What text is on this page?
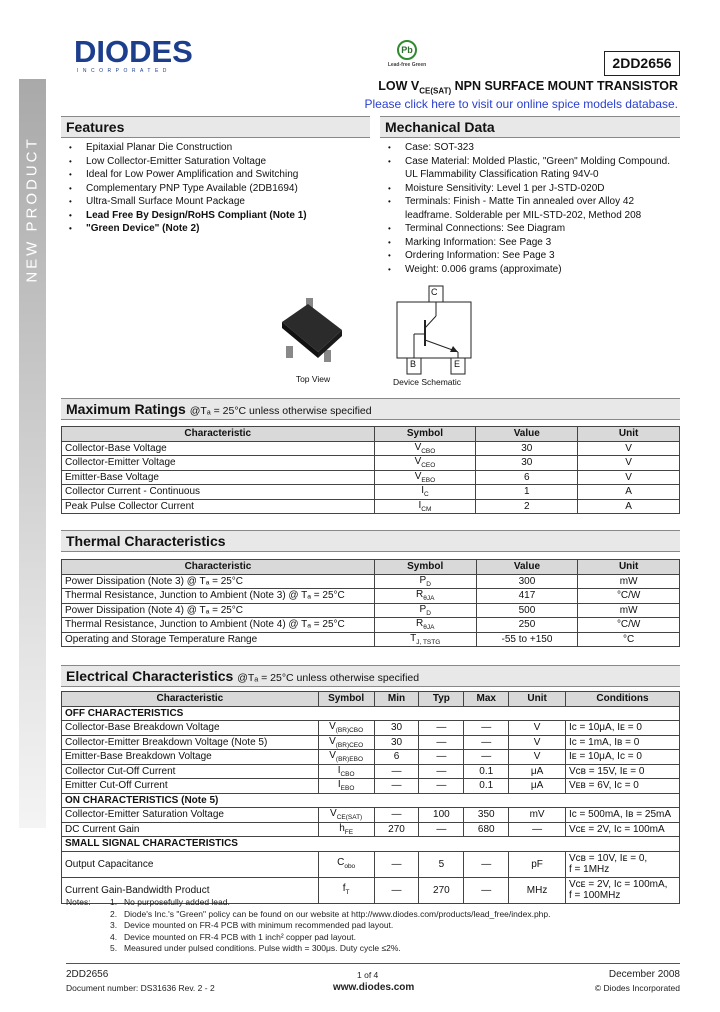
NEW PRODUCT
DIODES
INCORPORATED
Pb
Lead-free Green	2DD2656
LOW $V_{CE(SAT)}$ NPN SURFACE MOUNT TRANSISTOR
Please click here to visit our online spice models database.
Features	Mechanical Data
• Epitaxial Planar Die Construction
• Low Collector-Emitter Saturation Voltage
• Ideal for Low Power Amplification and Switching
• Complementary PNP Type Available (2DB1694)
• Ultra-Small Surface Mount Package
• Lead Free By Design/RoHS Compliant (Note 1)
• "Green Device" (Note 2)
• Case: SOT-323
• Case Material: Molded Plastic, "Green" Molding Compound. UL Flammability Classification Rating 94V-0
• Moisture Sensitivity: Level 1 per J-STD-020D
• Terminals: Finish - Matte Tin annealed over Alloy 42 leadframe. Solderable per MIL-STD-202, Method 208
• Terminal Connections: See Diagram
• Marking Information: See Page 3
• Ordering Information: See Page 3
• Weight: 0.006 grams (approximate)
Top View
C
B	E
Device Schematic
Maximum Ratings @Tₐ = 25°C unless otherwise specified
Characteristic	Symbol	Value	Unit
Collector-Base Voltage	$V_{CBO}$	30	V
Collector-Emitter Voltage	$V_{CEO}$	30	V
Emitter-Base Voltage	$V_{EBO}$	6	V
Collector Current - Continuous	$I_C$	1	A
Peak Pulse Collector Current	$I_{CM}$	2	A
Thermal Characteristics
Characteristic	Symbol	Value	Unit
Power Dissipation (Note 3) @ Tₐ = 25°C	$P_D$	300	mW
Thermal Resistance, Junction to Ambient (Note 3) @ Tₐ = 25°C	$R_{\theta JA}$	417	°C/W
Power Dissipation (Note 4) @ Tₐ = 25°C	$P_D$	500	mW
Thermal Resistance, Junction to Ambient (Note 4) @ Tₐ = 25°C	$R_{\theta JA}$	250	°C/W
Operating and Storage Temperature Range	$T_{J, TSTG}$	-55 to +150	°C
Electrical Characteristics @Tₐ = 25°C unless otherwise specified
Characteristic	Symbol	Min	Typ	Max	Unit	Conditions
OFF CHARACTERISTICS						
Collector-Base Breakdown Voltage	$V_{(BR)CBO}$	30	—	—	V	Iᴄ = 10μA, Iᴇ = 0

Collector-Emitter Breakdown Voltage (Note 5)	$V_{(BR)CEO}$	30	—	—	V	Iᴄ = 1mA, Iʙ = 0

Emitter-Base Breakdown Voltage	$V_{(BR)EBO}$	6	—	—	V	Iᴇ = 10μA, Iᴄ = 0

Collector Cut-Off Current	$I_{CBO}$	—	—	0.1	μA	Vᴄʙ = 15V, Iᴇ = 0

Emitter Cut-Off Current	$I_{EBO}$	—	—	0.1	μA	Vᴇʙ = 6V, Iᴄ = 0

ON CHARACTERISTICS (Note 5)						
Collector-Emitter Saturation Voltage	$V_{CE(SAT)}$	—	100	350	mV	Iᴄ = 500mA, Iʙ = 25mA

DC Current Gain	$h_{FE}$	270	—	680	—	Vᴄᴇ = 2V, Iᴄ = 100mA

SMALL SIGNAL CHARACTERISTICS						
Output Capacitance	$C_{obo}$	—	5	—	pF	Vᴄʙ = 10V, Iᴇ = 0,
f = 1MHz

Current Gain-Bandwidth Product	$f_T$	—	270	—	MHz	Vᴄᴇ = 2V, Iᴄ = 100mA,
f = 100MHz
Notes:	1. No purposefully added lead.
2. Diode's Inc.'s "Green" policy can be found on our website at http://www.diodes.com/products/lead_free/index.php.
3. Device mounted on FR-4 PCB with minimum recommended pad layout.
4. Device mounted on FR-4 PCB with 1 inch² copper pad layout.
5. Measured under pulsed conditions. Pulse width = 300μs. Duty cycle ≤2%.
2DD2656
Document number: DS31636 Rev. 2 - 2
1 of 4
www.diodes.com
December 2008
© Diodes Incorporated
